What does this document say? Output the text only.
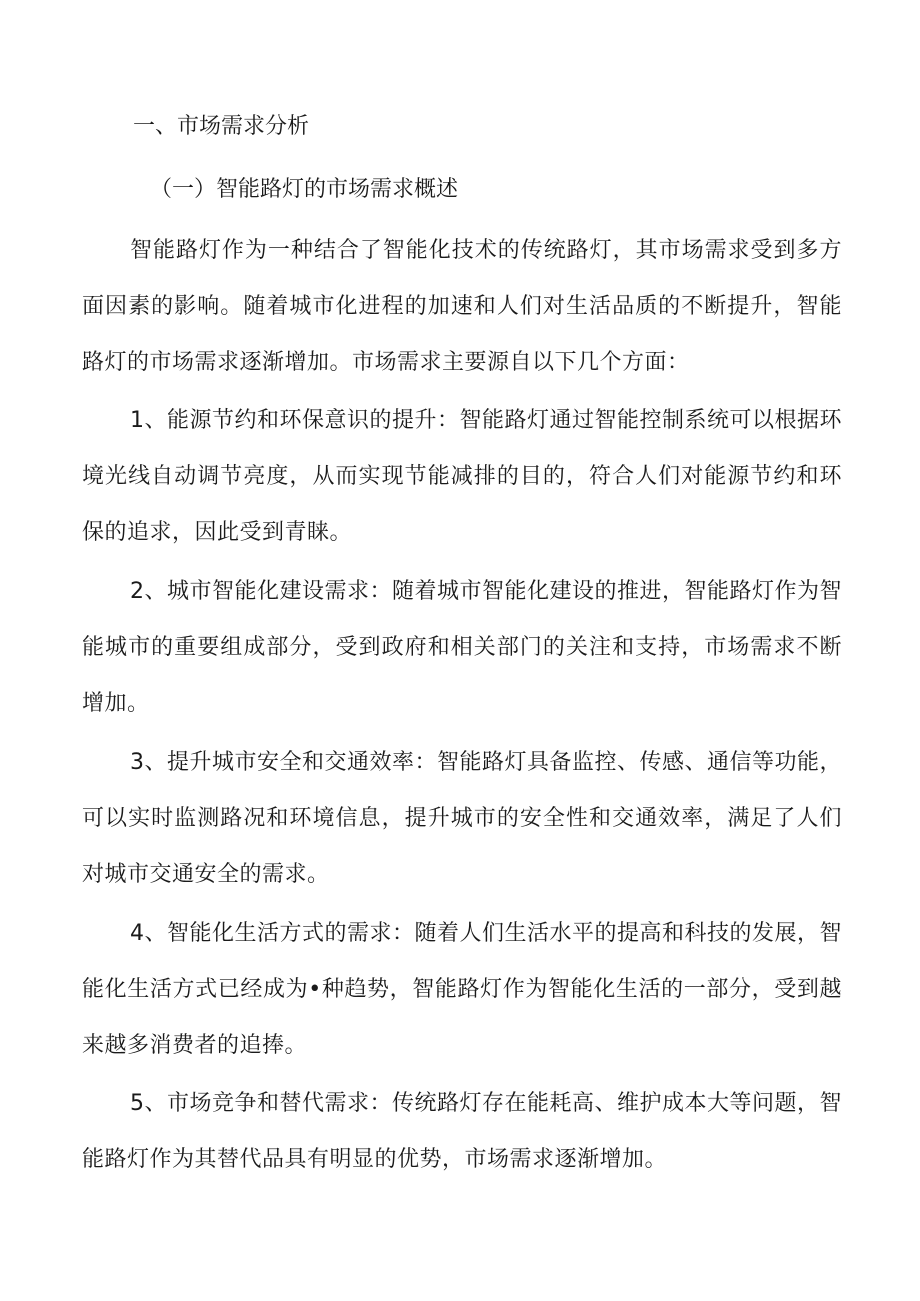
一、市场需求分析
（一）智能路灯的市场需求概述

智能路灯作为一种结合了智能化技术的传统路灯，其市场需求受到多方面因素的影响。随着城市化进程的加速和人们对生活品质的不断提升，智能路灯的市场需求逐渐增加。市场需求主要源自以下几个方面：

1、能源节约和环保意识的提升：智能路灯通过智能控制系统可以根据环境光线自动调节亮度，从而实现节能减排的目的，符合人们对能源节约和环保的追求，因此受到青睐。

2、城市智能化建设需求：随着城市智能化建设的推进，智能路灯作为智能城市的重要组成部分，受到政府和相关部门的关注和支持，市场需求不断增加。

3、提升城市安全和交通效率：智能路灯具备监控、传感、通信等功能，可以实时监测路况和环境信息，提升城市的安全性和交通效率，满足了人们对城市交通安全的需求。

4、智能化生活方式的需求：随着人们生活水平的提高和科技的发展，智能化生活方式已经成为•种趋势，智能路灯作为智能化生活的一部分，受到越来越多消费者的追捧。

5、市场竞争和替代需求：传统路灯存在能耗高、维护成本大等问题，智能路灯作为其替代品具有明显的优势，市场需求逐渐增加。
